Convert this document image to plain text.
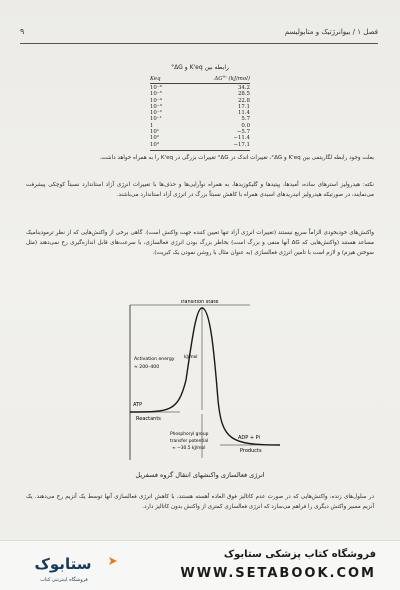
فصل ۱ / بیوانرژتیک و متابولیسم
۹
رابطه بین K'eq و ΔG°
Keq	ΔG°' (kJ/mol)
10⁻⁶	34.2
10⁻⁵	28.5
10⁻⁴	22.8
10⁻³	17.1
10⁻²	11.4
10⁻¹	5.7
1	0.0
10¹	−5.7
10²	−11.4
10³	−17.1
بعلت وجود رابطه لگاریتمی بین K'eq و ΔG°، تغییرات اندک در ΔG° تغییرات بزرگی در K'eq را به همراه خواهد داشت.
نکته: هیدرولیز استرهای ساده، آمیدها، پپتیدها و گلیکوزیدها، به همراه نوآرایی‌ها و حذف‌ها با تغییرات انرژی آزاد استاندارد نسبتاً کوچکی پیشرفت می‌نمایند، در صورتیکه هیدرولیز انیدریدهای اسیدی همراه با کاهش نسبتاً بزرگ در انرژی آزاد استاندارد می‌باشند.
واکنش‌های خودبخودی الزاماً سریع نیستند (تغییرات انرژی آزاد تنها تعیین کننده جهت واکنش است). گاهی برخی از واکنش‌هایی که از نظر ترمودینامیک مساعد هستند (واکنش‌هایی که ΔG آنها منفی و بزرگ است) بخاطر بزرگ بودن انرژی فعالسازی، با سرعت‌های قابل اندازه‌گیری رخ نمی‌دهند (مثل سوختن هیزم) و لازم است با تامین انرژی فعالسازی (به عنوان مثال با روشن نمودن یک کبریت).
Transition state
Activation energy
≈ 200–400
kJ/mol
ATP
Reactants
ADP + Pi
Products
Phosphoryl group
transfer potential
≈ −30.5 kJ/mol
انرژی فعالسازی واکنشهای انتقال گروه فسفریل
در سلول‌های زنده، واکنش‌هایی که در صورت عدم کاتالیز فوق العاده آهسته هستند، با کاهش انرژی فعالسازی آنها توسط یک آنزیم رخ می‌دهند. یک آنزیم مسیر واکنش دیگری را فراهم می‌سازد که انرژی فعالسازی کمتری از واکنش بدون کاتالیز دارد.
ستابوک
فروشگاه اینترنتی کتاب
فروشگاه کتاب پزشکی ستابوک
WWW.SETABOOK.COM
